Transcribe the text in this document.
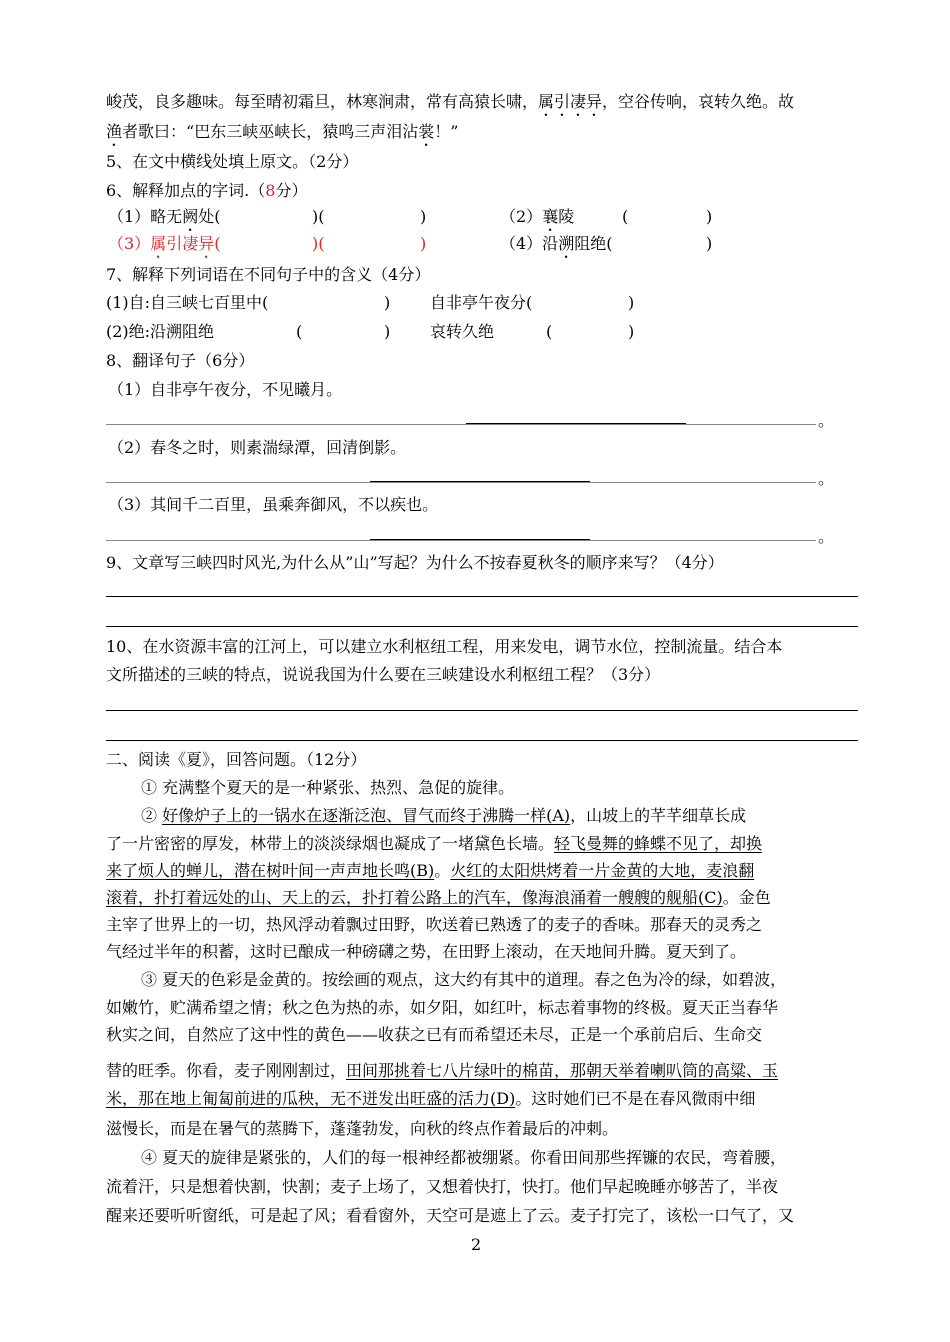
峻茂，良多趣味。每至晴初霜旦，林寒涧肃，常有高猿长啸，属引凄异，空谷传响，哀转久绝。故
渔者歌曰：“巴东三峡巫峡长，猿鸣三声泪沾裳！”
5、在文中横线处填上原文。（2分）
6、解释加点的字词.（8分）
（1）略无阙处(	)(	)	（2）襄陵	(	)
（3）属引凄异(	)(	)	（4）沿溯阻绝(	)
7、解释下列词语在不同句子中的含义（4分）
(1)自:自三峡七百里中(	) 自非亭午夜分(	)
(2)绝:沿溯阻绝	(	) 哀转久绝	(	)
8、翻译句子（6分）
（1）自非亭午夜分，不见曦月。
。
（2）春冬之时，则素湍绿潭，回清倒影。
。
（3）其间千二百里，虽乘奔御风，不以疾也。
。
9、文章写三峡四时风光,为什么从”山”写起？为什么不按春夏秋冬的顺序来写？（4分）
10、在水资源丰富的江河上，可以建立水利枢纽工程，用来发电，调节水位，控制流量。结合本
文所描述的三峡的特点，说说我国为什么要在三峡建设水利枢纽工程？（3分）
二、阅读《夏》，回答问题。（12分）
① 充满整个夏天的是一种紧张、热烈、急促的旋律。
② 好像炉子上的一锅水在逐渐泛泡、冒气而终于沸腾一样(A)，山坡上的芊芊细草长成
了一片密密的厚发，林带上的淡淡绿烟也凝成了一堵黛色长墙。轻飞曼舞的蜂蝶不见了，却换
来了烦人的蝉儿，潜在树叶间一声声地长鸣(B)。火红的太阳烘烤着一片金黄的大地，麦浪翻
滚着，扑打着远处的山、天上的云，扑打着公路上的汽车，像海浪涌着一艘艘的舰船(C)。金色
主宰了世界上的一切，热风浮动着飘过田野，吹送着已熟透了的麦子的香味。那春天的灵秀之
气经过半年的积蓄，这时已酿成一种磅礴之势，在田野上滚动，在天地间升腾。夏天到了。
③ 夏天的色彩是金黄的。按绘画的观点，这大约有其中的道理。春之色为冷的绿，如碧波，
如嫩竹，贮满希望之情；秋之色为热的赤，如夕阳，如红叶，标志着事物的终极。夏天正当春华
秋实之间，自然应了这中性的黄色——收获之已有而希望还未尽，正是一个承前启后、生命交
替的旺季。你看，麦子刚刚割过，田间那挑着七八片绿叶的棉苗，那朝天举着喇叭筒的高粱、玉
米，那在地上匍匐前进的瓜秧，无不迸发出旺盛的活力(D)。这时她们已不是在春风微雨中细
滋慢长，而是在暑气的蒸腾下，蓬蓬勃发，向秋的终点作着最后的冲刺。
④ 夏天的旋律是紧张的，人们的每一根神经都被绷紧。你看田间那些挥镰的农民，弯着腰，
流着汗，只是想着快割，快割；麦子上场了，又想着快打，快打。他们早起晚睡亦够苦了，半夜
醒来还要听听窗纸，可是起了风；看看窗外，天空可是遮上了云。麦子打完了，该松一口气了，又
2
